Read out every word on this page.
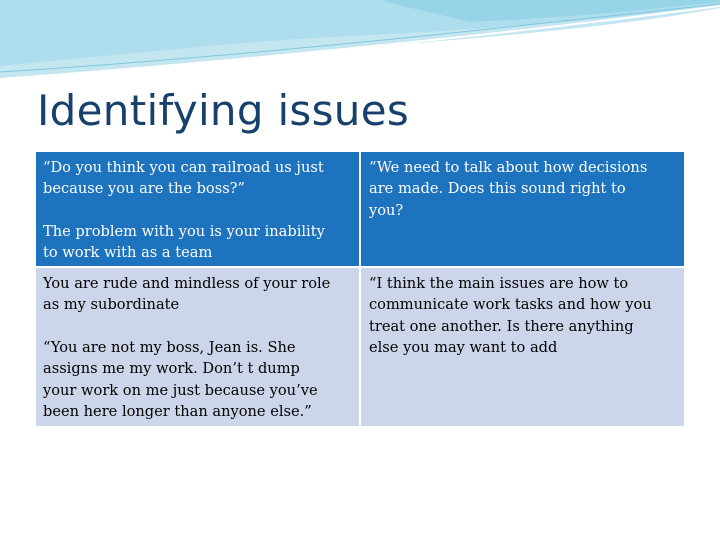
Identifying issues

“Do you think you can railroad us just
because you are the boss?”

The problem with you is your inability
to work with as a team

“We need to talk about how decisions
are made. Does this sound right to
you?

You are rude and mindless of your role
as my subordinate

“You are not my boss, Jean is. She
assigns me my work. Don’t t dump
your work on me just because you’ve
been here longer than anyone else.”

“I think the main issues are how to
communicate work tasks and how you
treat one another. Is there anything
else you may want to add
